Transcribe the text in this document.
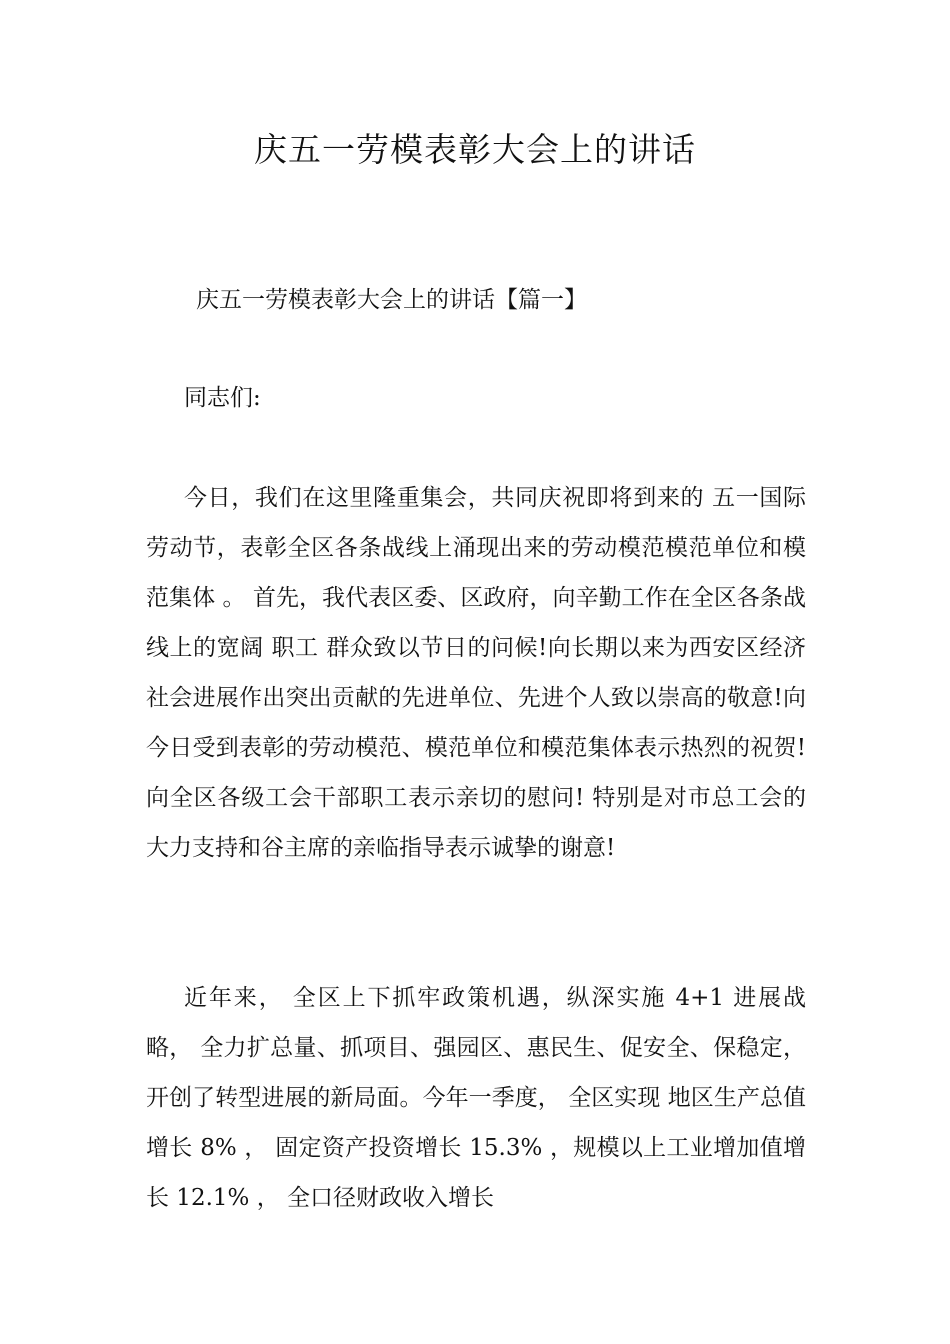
庆五一劳模表彰大会上的讲话

庆五一劳模表彰大会上的讲话【篇一】

同志们:

今日，我们在这里隆重集会，共同庆祝即将到来的 五一国际劳动节，表彰全区各条战线上涌现出来的劳动模范模范单位和模范集体 。 首先，我代表区委、区政府，向辛勤工作在全区各条战线上的宽阔 职工 群众致以节日的问候!向长期以来为西安区经济社会进展作出突出贡献的先进单位、先进个人致以崇高的敬意!向今日受到表彰的劳动模范、模范单位和模范集体表示热烈的祝贺!向全区各级工会干部职工表示亲切的慰问! 特别是对市总工会的大力支持和谷主席的亲临指导表示诚挚的谢意!

近年来， 全区上下抓牢政策机遇，纵深实施 4+1 进展战略， 全力扩总量、抓项目、强园区、惠民生、促安全、保稳定，开创了转型进展的新局面。今年一季度， 全区实现 地区生产总值增长 8% ， 固定资产投资增长 15.3% ，规模以上工业增加值增长 12.1% ， 全口径财政收入增长
